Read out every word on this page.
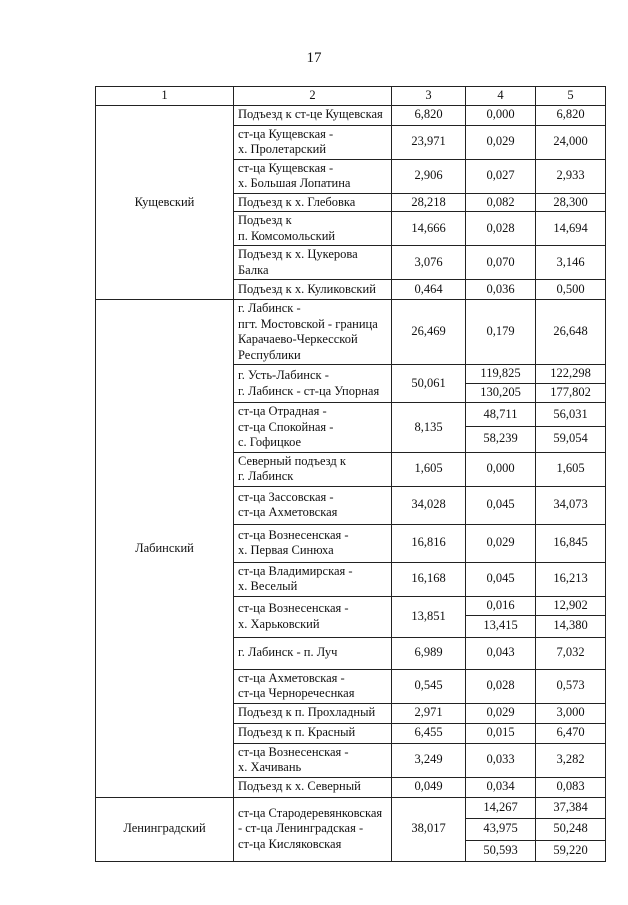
17
1	2	3	4	5
Кущевский	Подъезд к ст-це Кущевская	6,820	0,000	6,820
	ст-ца Кущевская -
х. Пролетарский	23,971	0,029	24,000
	ст-ца Кущевская -
х. Большая Лопатина	2,906	0,027	2,933
	Подъезд к х. Глебовка	28,218	0,082	28,300
	Подъезд к
п. Комсомольский	14,666	0,028	14,694
	Подъезд к х. Цукерова
Балка	3,076	0,070	3,146
	Подъезд к х. Куликовский	0,464	0,036	0,500
Лабинский	г. Лабинск -
пгт. Мостовской - граница
Карачаево-Черкесской
Республики	26,469	0,179	26,648
	г. Усть-Лабинск -
г. Лабинск - ст-ца Упорная	50,061	119,825	122,298
			130,205	177,802
	ст-ца Отрадная -
ст-ца Спокойная -
с. Гофицкое	8,135	48,711	56,031
			58,239	59,054
	Северный подъезд к
г. Лабинск	1,605	0,000	1,605
	ст-ца Зассовская -
ст-ца Ахметовская	34,028	0,045	34,073
	ст-ца Вознесенская -
х. Первая Синюха	16,816	0,029	16,845
	ст-ца Владимирская -
х. Веселый	16,168	0,045	16,213
	ст-ца Вознесенская -
х. Харьковский	13,851	0,016	12,902
			13,415	14,380
	г. Лабинск - п. Луч	6,989	0,043	7,032
	ст-ца Ахметовская -
ст-ца Черноречеснкая	0,545	0,028	0,573
	Подъезд к п. Прохладный	2,971	0,029	3,000
	Подъезд к п. Красный	6,455	0,015	6,470
	ст-ца Вознесенская -
х. Хачивань	3,249	0,033	3,282
	Подъезд к х. Северный	0,049	0,034	0,083
Ленинградский	ст-ца Стародеревянковская
- ст-ца Ленинградская -
ст-ца Кисляковская	38,017	14,267	37,384
			43,975	50,248
			50,593	59,220
